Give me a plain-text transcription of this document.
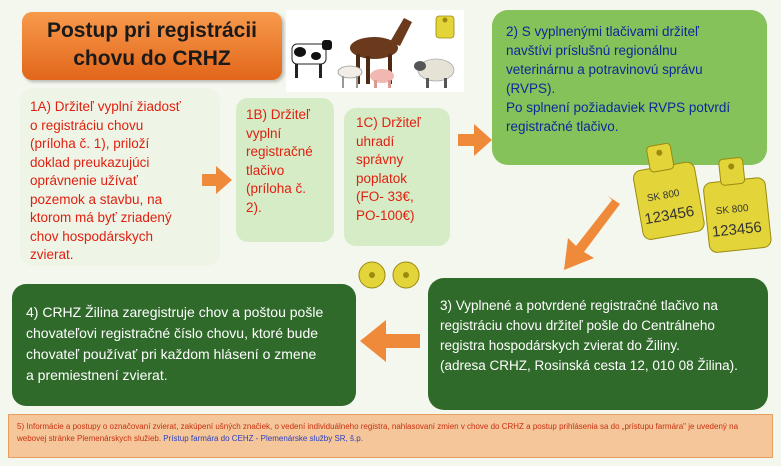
Postup pri registrácii
chovu do CRHZ
1A) Držiteľ vyplní žiadosť
o registráciu chovu
(príloha č. 1), priloží
doklad preukazujúci
oprávnenie užívať
pozemok a stavbu, na
ktorom má byť zriadený
chov hospodárskych
zvierat.
1B) Držiteľ
vyplní
registračné
tlačivo
(príloha č.
2).
1C) Držiteľ
uhradí
správny
poplatok
(FO- 33€,
PO-100€)
2) S vyplnenými tlačivami držiteľ
navštívi príslušnú regionálnu
veterinárnu a potravinovú správu
(RVPS).
Po splnení požiadaviek RVPS potvrdí
registračné tlačivo.
SK 800
123456 SK 800
123456
3) Vyplnené a potvrdené registračné tlačivo na
registráciu chovu držiteľ pošle do Centrálneho
registra hospodárskych zvierat do Žiliny.
(adresa CRHZ, Rosinská cesta 12, 010 08 Žilina).
4) CRHZ Žilina zaregistruje chov a poštou pošle
chovateľovi registračné číslo chovu, ktoré bude
chovateľ používať pri každom hlásení o zmene
a premiestnení zvierat.
5) Informácie a postupy o označovaní zvierat, zakúpení ušných značiek, o vedení individuálneho registra, nahlasovaní zmien v chove do CRHZ a postup prihlásenia sa do „prístupu farmára" je uvedený na
webovej stránke Plemenárskych služieb. Prístup farmára do CEHZ - Plemenárske služby SR, š.p.
